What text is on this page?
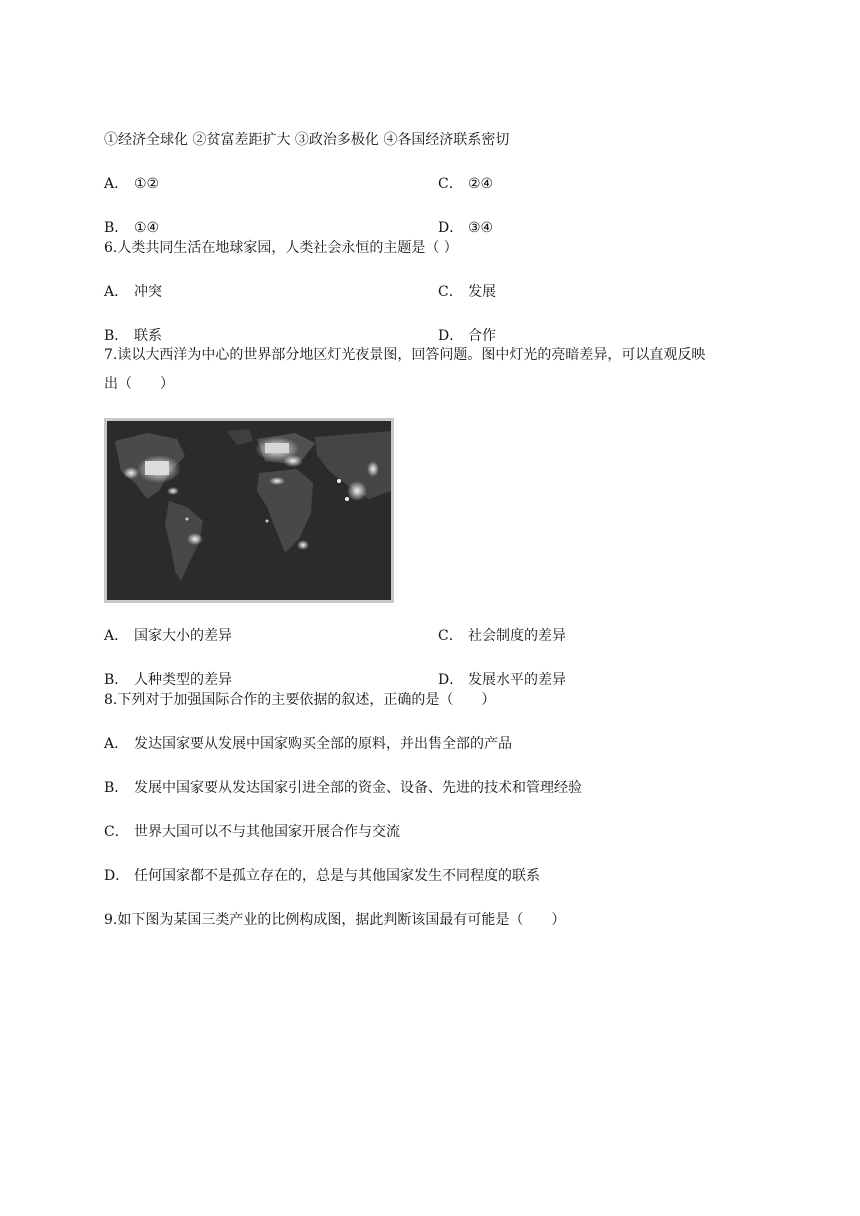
①经济全球化 ②贫富差距扩大 ③政治多极化 ④各国经济联系密切
A． ①②	C． ②④
B． ①④	D． ③④
6.人类共同生活在地球家园，人类社会永恒的主题是（ ）
A． 冲突	C． 发展
B． 联系	D． 合作
7.读以大西洋为中心的世界部分地区灯光夜景图，回答问题。图中灯光的亮暗差异，可以直观反映
出（　　）
A． 国家大小的差异	C． 社会制度的差异
B． 人种类型的差异	D． 发展水平的差异
8.下列对于加强国际合作的主要依据的叙述，正确的是（　　）
A． 发达国家要从发展中国家购买全部的原料，并出售全部的产品
B． 发展中国家要从发达国家引进全部的资金、设备、先进的技术和管理经验
C． 世界大国可以不与其他国家开展合作与交流
D． 任何国家都不是孤立存在的，总是与其他国家发生不同程度的联系
9.如下图为某国三类产业的比例构成图，据此判断该国最有可能是（　　）
